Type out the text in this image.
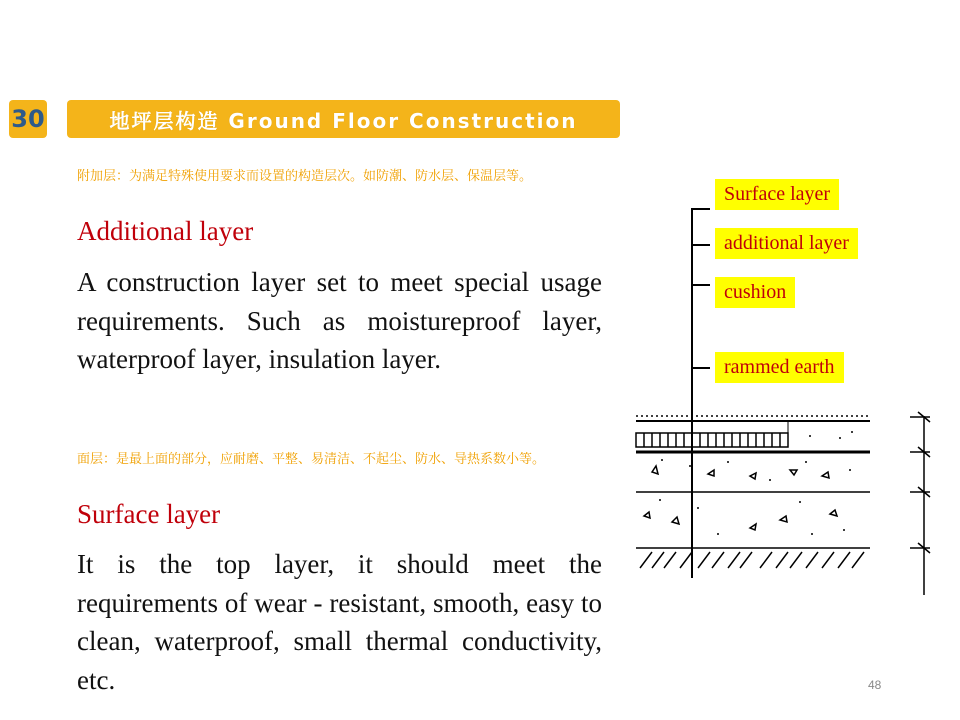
30	地坪层构造 Ground Floor Construction
附加层：为满足特殊使用要求而设置的构造层次。如防潮、防水层、保温层等。
Additional layer
A construction layer set to meet special usage requirements. Such as moistureproof layer, waterproof layer, insulation layer.
面层：是最上面的部分，应耐磨、平整、易清洁、不起尘、防水、导热系数小等。
Surface layer
It is the top layer, it should meet the requirements of wear - resistant, smooth, easy to clean, waterproof, small thermal conductivity, etc.	48
Surface layer
additional layer
cushion
rammed earth
